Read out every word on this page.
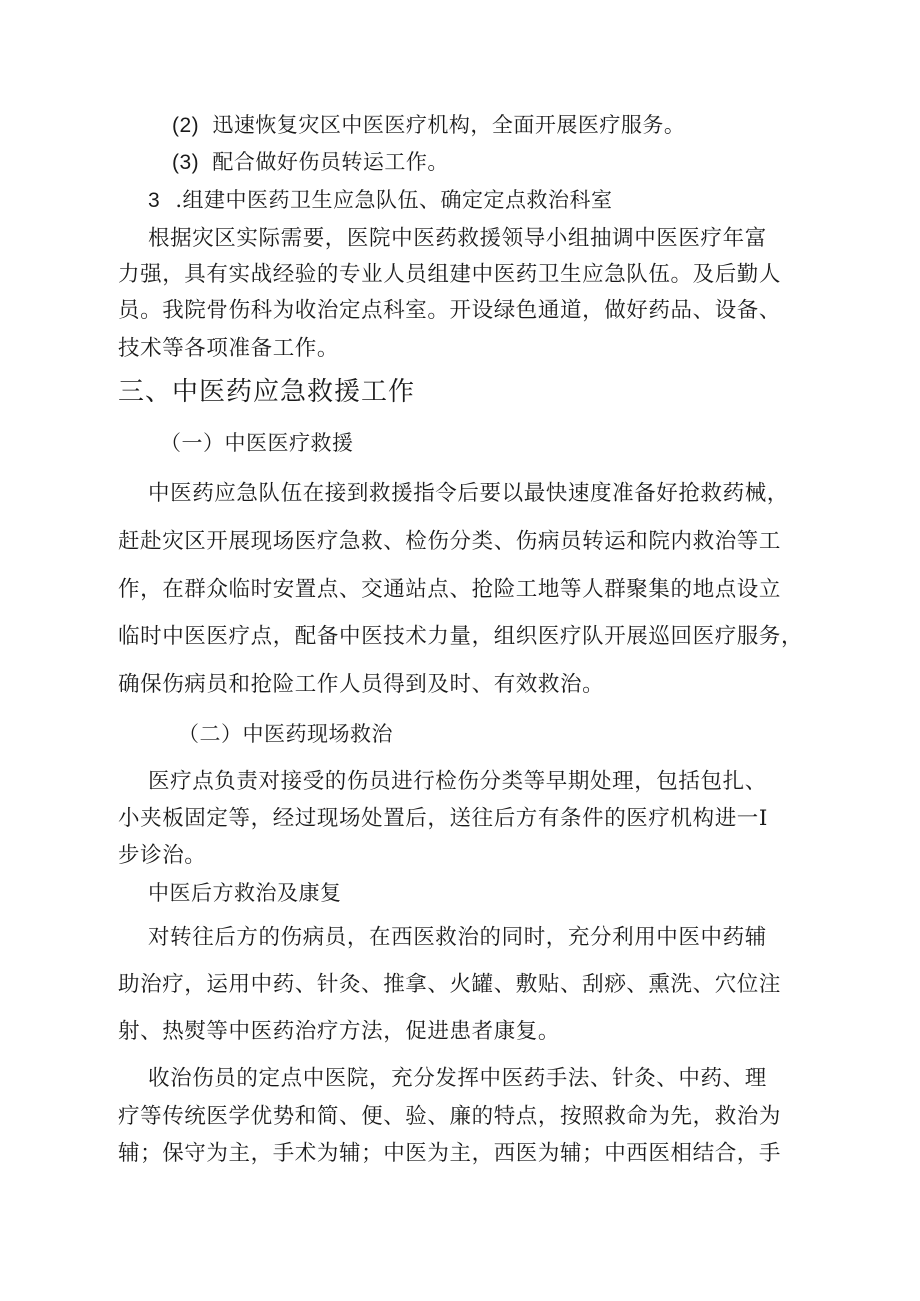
(2) 迅速恢复灾区中医医疗机构，全面开展医疗服务。
(3) 配合做好伤员转运工作。
3 .组建中医药卫生应急队伍、确定定点救治科室
根据灾区实际需要，医院中医药救援领导小组抽调中医医疗年富
力强，具有实战经验的专业人员组建中医药卫生应急队伍。及后勤人
员。我院骨伤科为收治定点科室。开设绿色通道，做好药品、设备、
技术等各项准备工作。
三、中医药应急救援工作
（一）中医医疗救援
中医药应急队伍在接到救援指令后要以最快速度准备好抢救药械，
赶赴灾区开展现场医疗急救、检伤分类、伤病员转运和院内救治等工
作，在群众临时安置点、交通站点、抢险工地等人群聚集的地点设立
临时中医医疗点，配备中医技术力量，组织医疗队开展巡回医疗服务，
确保伤病员和抢险工作人员得到及时、有效救治。
（二）中医药现场救治
医疗点负责对接受的伤员进行检伤分类等早期处理，包括包扎、
小夹板固定等，经过现场处置后，送往后方有条件的医疗机构进一I
步诊治。
中医后方救治及康复
对转往后方的伤病员，在西医救治的同时，充分利用中医中药辅
助治疗，运用中药、针灸、推拿、火罐、敷贴、刮痧、熏洗、穴位注
射、热熨等中医药治疗方法，促进患者康复。
收治伤员的定点中医院，充分发挥中医药手法、针灸、中药、理
疗等传统医学优势和简、便、验、廉的特点，按照救命为先，救治为
辅；保守为主，手术为辅；中医为主，西医为辅；中西医相结合，手
